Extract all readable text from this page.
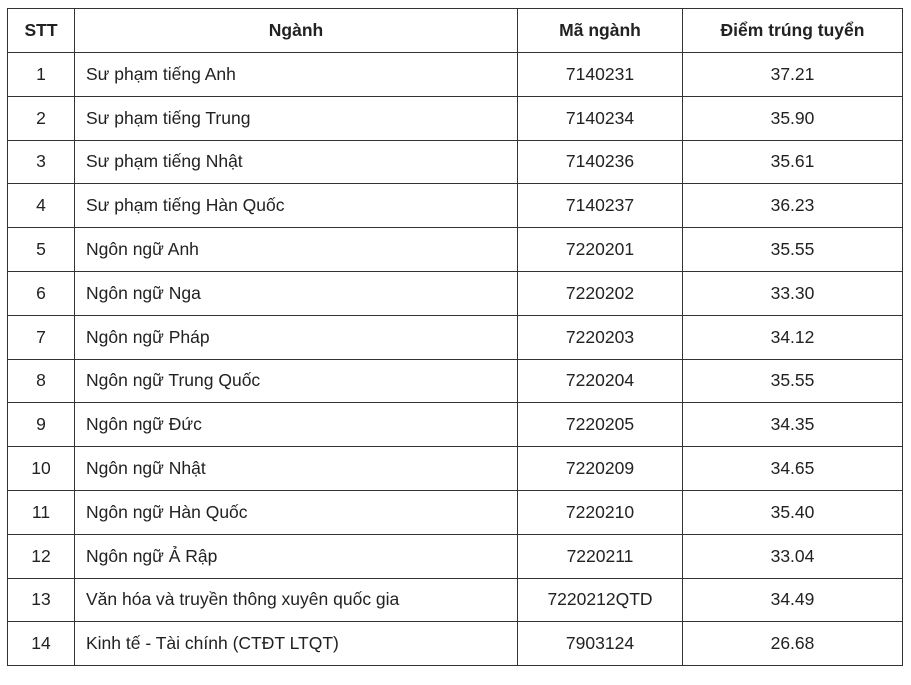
STT	Ngành	Mã ngành	Điểm trúng tuyển
1	Sư phạm tiếng Anh	7140231	37.21
2	Sư phạm tiếng Trung	7140234	35.90
3	Sư phạm tiếng Nhật	7140236	35.61
4	Sư phạm tiếng Hàn Quốc	7140237	36.23
5	Ngôn ngữ Anh	7220201	35.55
6	Ngôn ngữ Nga	7220202	33.30
7	Ngôn ngữ Pháp	7220203	34.12
8	Ngôn ngữ Trung Quốc	7220204	35.55
9	Ngôn ngữ Đức	7220205	34.35
10	Ngôn ngữ Nhật	7220209	34.65
11	Ngôn ngữ Hàn Quốc	7220210	35.40
12	Ngôn ngữ Ả Rập	7220211	33.04
13	Văn hóa và truyền thông xuyên quốc gia	7220212QTD	34.49
14	Kinh tế - Tài chính (CTĐT LTQT)	7903124	26.68
